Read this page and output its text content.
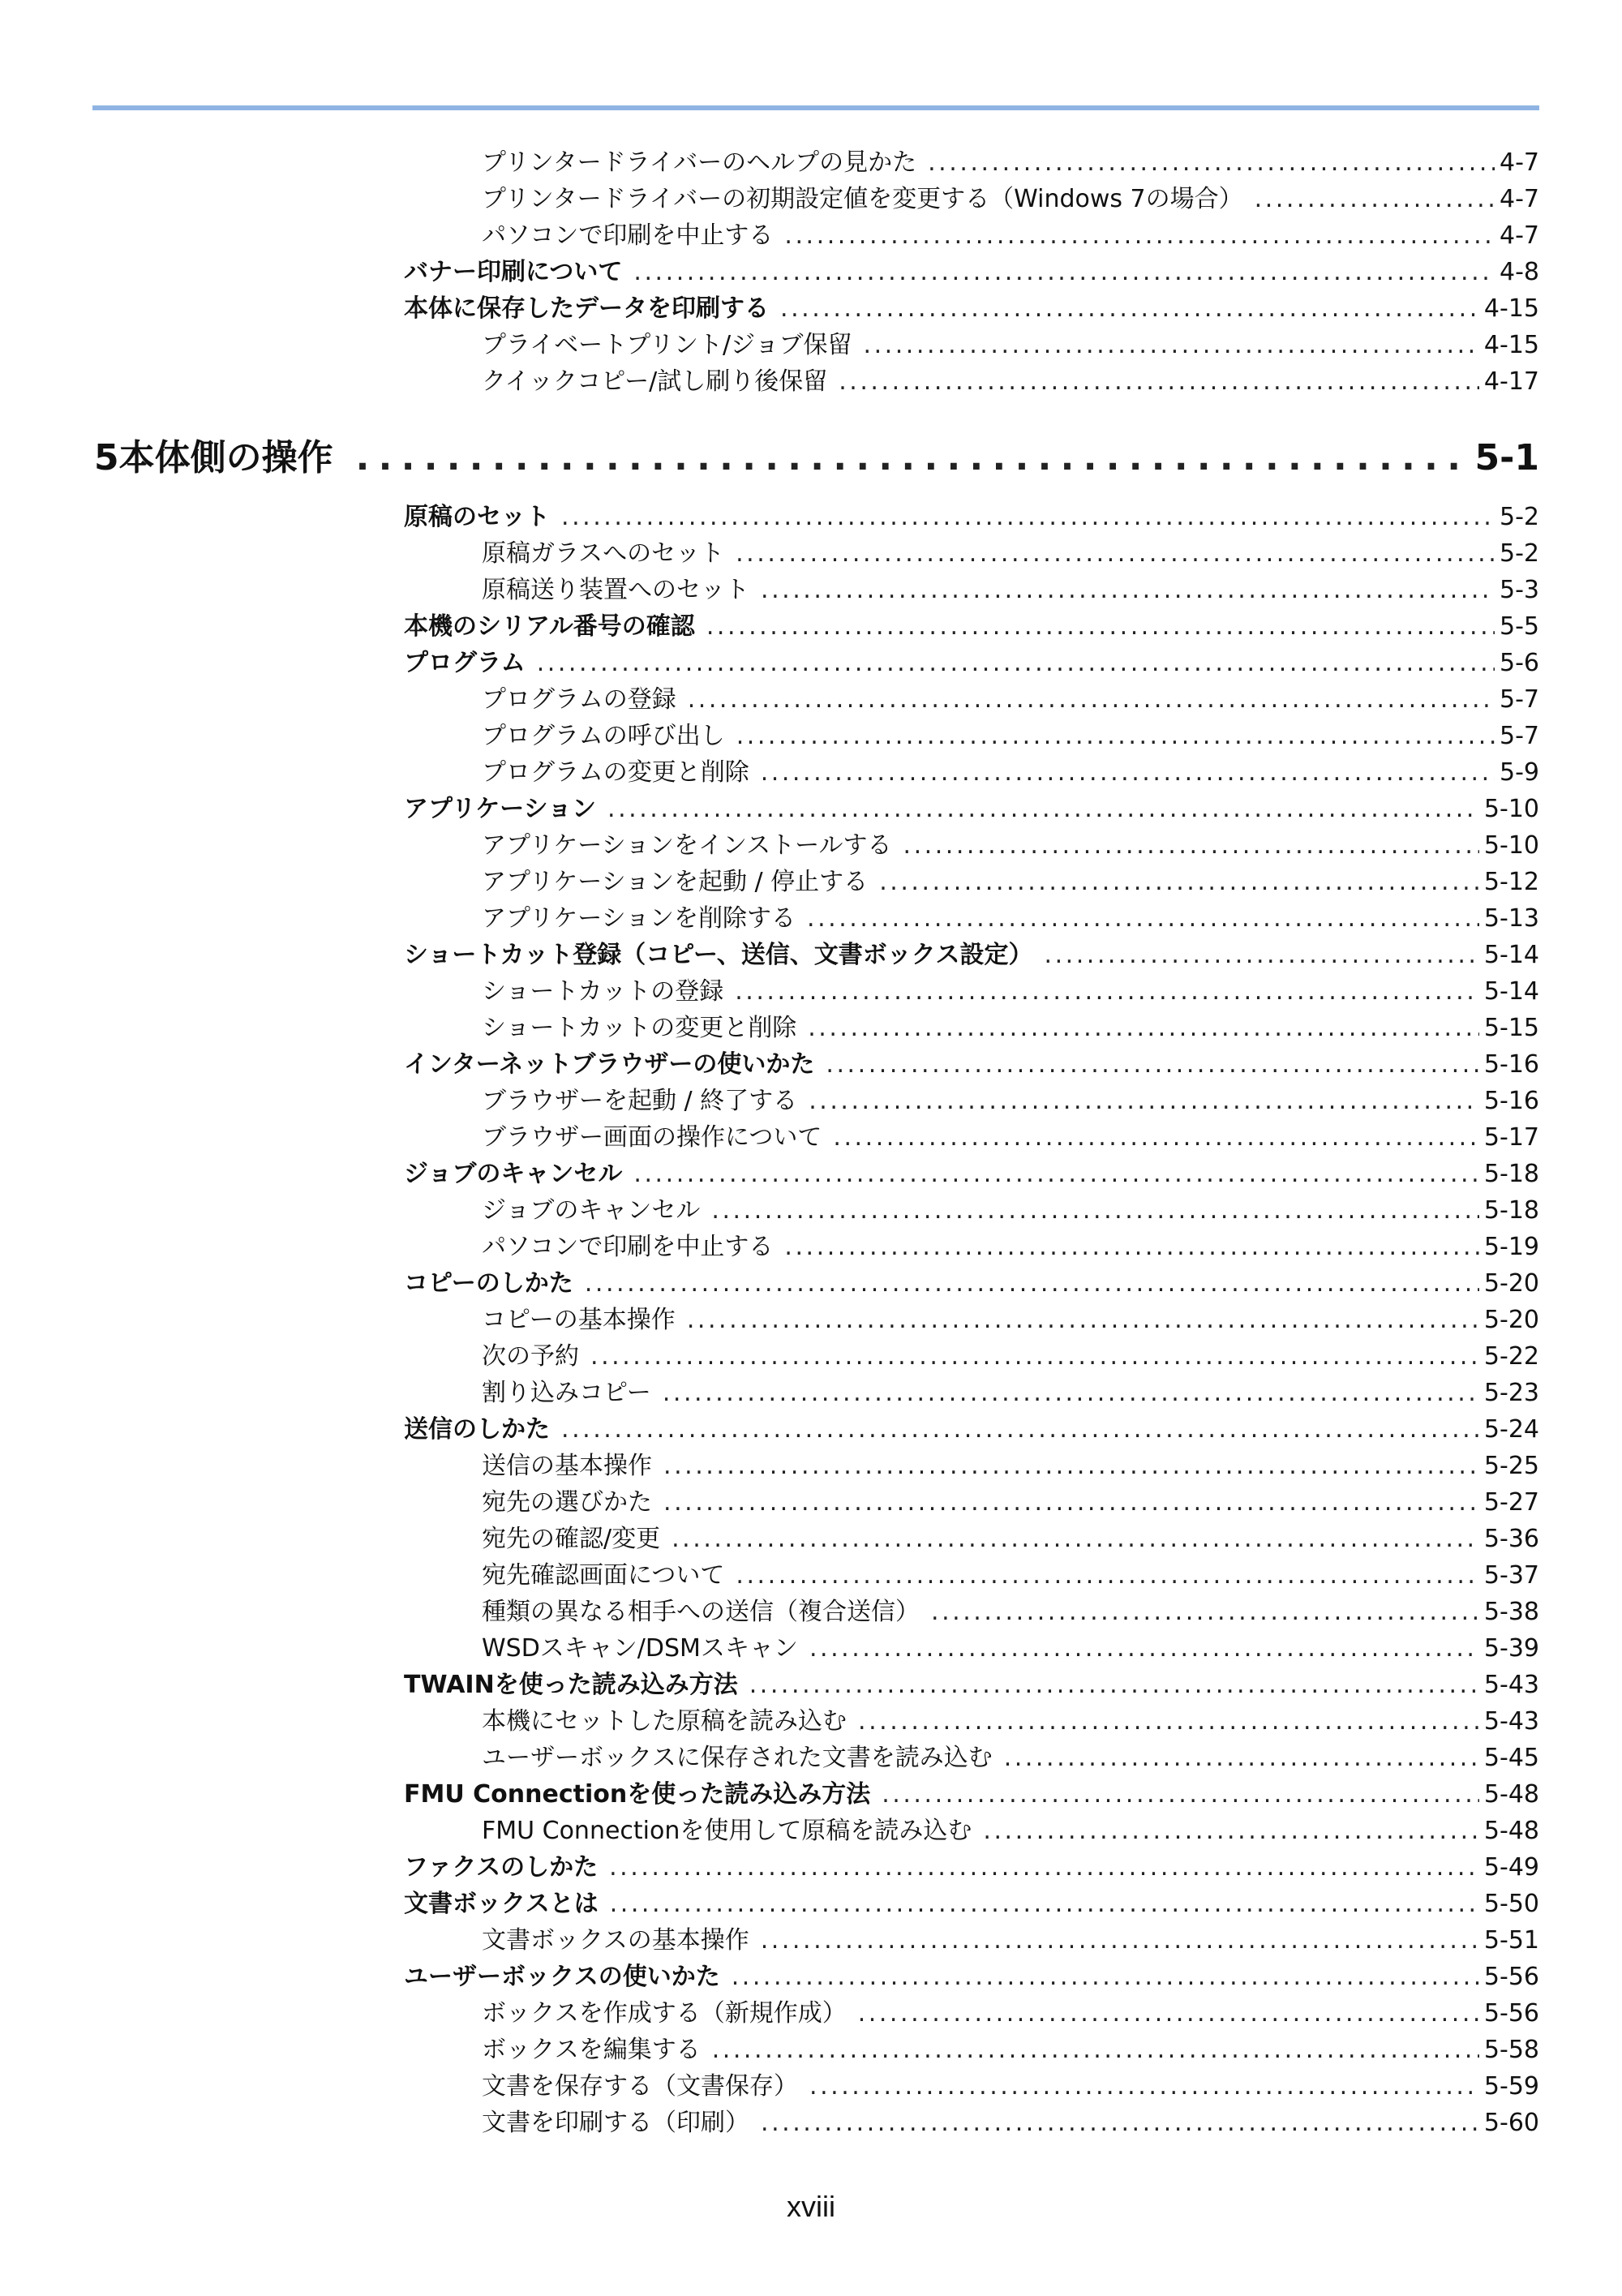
プリンタードライバーのヘルプの見かた . . .	4-7
プリンタードライバーの初期設定値を変更する（Windows 7の場合） . . .	4-7
パソコンで印刷を中止する . . .	4-7
バナー印刷について . . .	4-8
本体に保存したデータを印刷する . . .	4-15
プライベートプリント/ジョブ保留 . . .	4-15
クイックコピー/試し刷り後保留 . . .	4-17
5 本体側の操作 . . .	5-1
原稿のセット . . .	5-2
原稿ガラスへのセット . . .	5-2
原稿送り装置へのセット . . .	5-3
本機のシリアル番号の確認 . . .	5-5
プログラム . . .	5-6
プログラムの登録 . . .	5-7
プログラムの呼び出し . . .	5-7
プログラムの変更と削除 . . .	5-9
アプリケーション . . .	5-10
アプリケーションをインストールする . . .	5-10
アプリケーションを起動 / 停止する . . .	5-12
アプリケーションを削除する . . .	5-13
ショートカット登録（コピー、送信、文書ボックス設定） . . .	5-14
ショートカットの登録 . . .	5-14
ショートカットの変更と削除 . . .	5-15
インターネットブラウザーの使いかた . . .	5-16
ブラウザーを起動 / 終了する . . .	5-16
ブラウザー画面の操作について . . .	5-17
ジョブのキャンセル . . .	5-18
ジョブのキャンセル . . .	5-18
パソコンで印刷を中止する . . .	5-19
コピーのしかた . . .	5-20
コピーの基本操作 . . .	5-20
次の予約 . . .	5-22
割り込みコピー . . .	5-23
送信のしかた . . .	5-24
送信の基本操作 . . .	5-25
宛先の選びかた . . .	5-27
宛先の確認/変更 . . .	5-36
宛先確認画面について . . .	5-37
種類の異なる相手への送信（複合送信） . . .	5-38
WSDスキャン/DSMスキャン . . .	5-39
TWAINを使った読み込み方法 . . .	5-43
本機にセットした原稿を読み込む . . .	5-43
ユーザーボックスに保存された文書を読み込む . . .	5-45
FMU Connectionを使った読み込み方法 . . .	5-48
FMU Connectionを使用して原稿を読み込む . . .	5-48
ファクスのしかた . . .	5-49
文書ボックスとは . . .	5-50
文書ボックスの基本操作 . . .	5-51
ユーザーボックスの使いかた . . .	5-56
ボックスを作成する（新規作成） . . .	5-56
ボックスを編集する . . .	5-58
文書を保存する（文書保存） . . .	5-59
文書を印刷する（印刷） . . .	5-60
xviii
